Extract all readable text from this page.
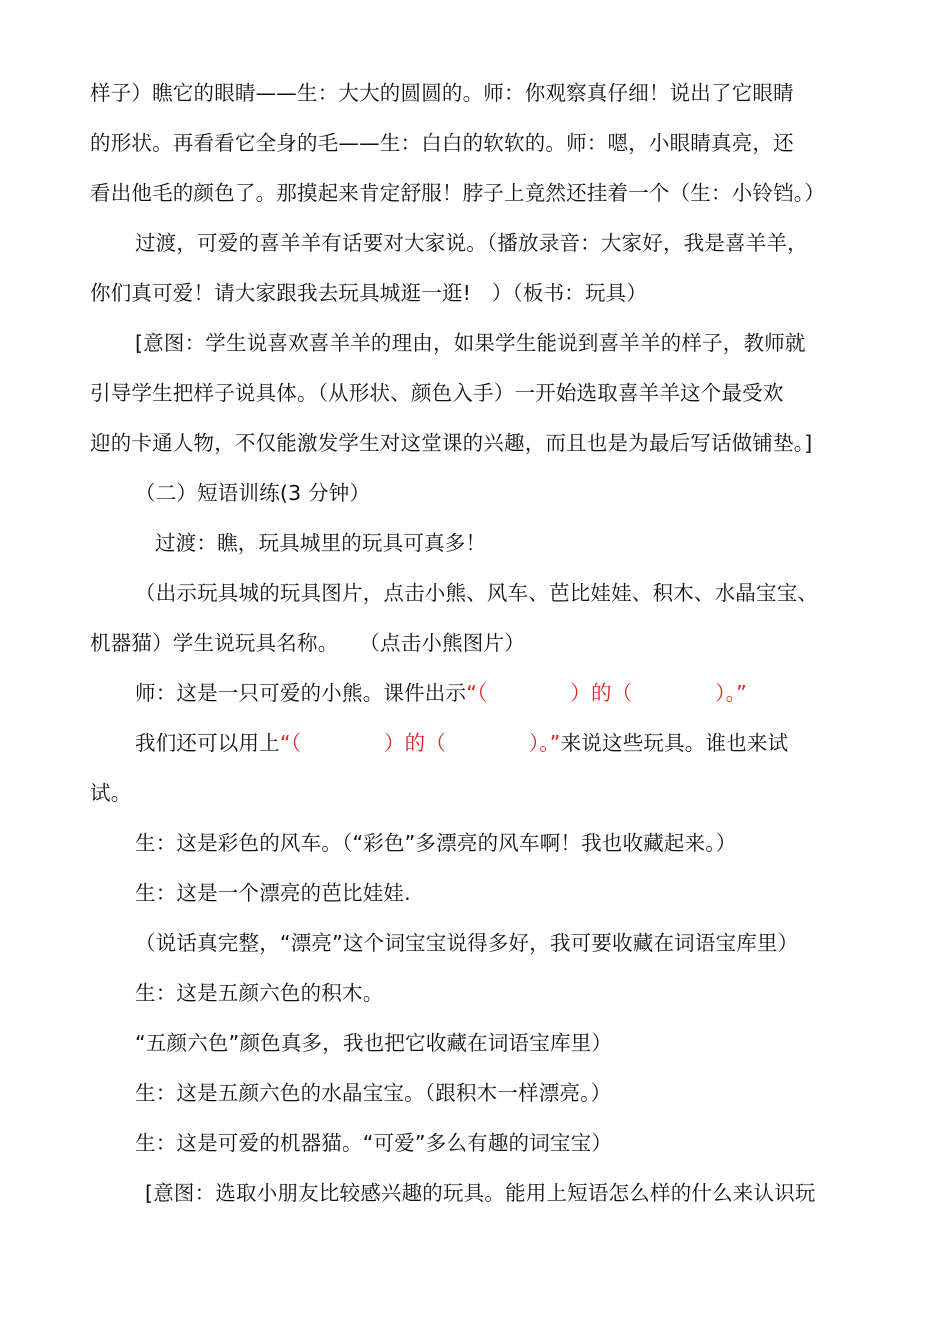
样子）瞧它的眼睛——生：大大的圆圆的。师：你观察真仔细！说出了它眼睛
的形状。再看看它全身的毛——生：白白的软软的。师：嗯，小眼睛真亮，还
看出他毛的颜色了。那摸起来肯定舒服！脖子上竟然还挂着一个（生：小铃铛。）
过渡，可爱的喜羊羊有话要对大家说。（播放录音：大家好，我是喜羊羊，
你们真可爱！请大家跟我去玩具城逛一逛!　）（板书：玩具）
[意图：学生说喜欢喜羊羊的理由，如果学生能说到喜羊羊的样子，教师就
引导学生把样子说具体。（从形状、颜色入手）一开始选取喜羊羊这个最受欢
迎的卡通人物，不仅能激发学生对这堂课的兴趣，而且也是为最后写话做铺垫。]
（二）短语训练(3 分钟）
过渡：瞧，玩具城里的玩具可真多！
（出示玩具城的玩具图片，点击小熊、风车、芭比娃娃、积木、水晶宝宝、
机器猫）学生说玩具名称。　　（点击小熊图片）
师：这是一只可爱的小熊。课件出示“（　　　　）的（　　　　）。”
我们还可以用上“（　　　　）的（　　　　）。”来说这些玩具。谁也来试
试。
生：这是彩色的风车。（“彩色”多漂亮的风车啊！我也收藏起来。）
生：这是一个漂亮的芭比娃娃.
（说话真完整，“漂亮”这个词宝宝说得多好，我可要收藏在词语宝库里）
生：这是五颜六色的积木。
“五颜六色”颜色真多，我也把它收藏在词语宝库里）
生：这是五颜六色的水晶宝宝。（跟积木一样漂亮。）
生：这是可爱的机器猫。“可爱”多么有趣的词宝宝）
[意图：选取小朋友比较感兴趣的玩具。能用上短语怎么样的什么来认识玩
